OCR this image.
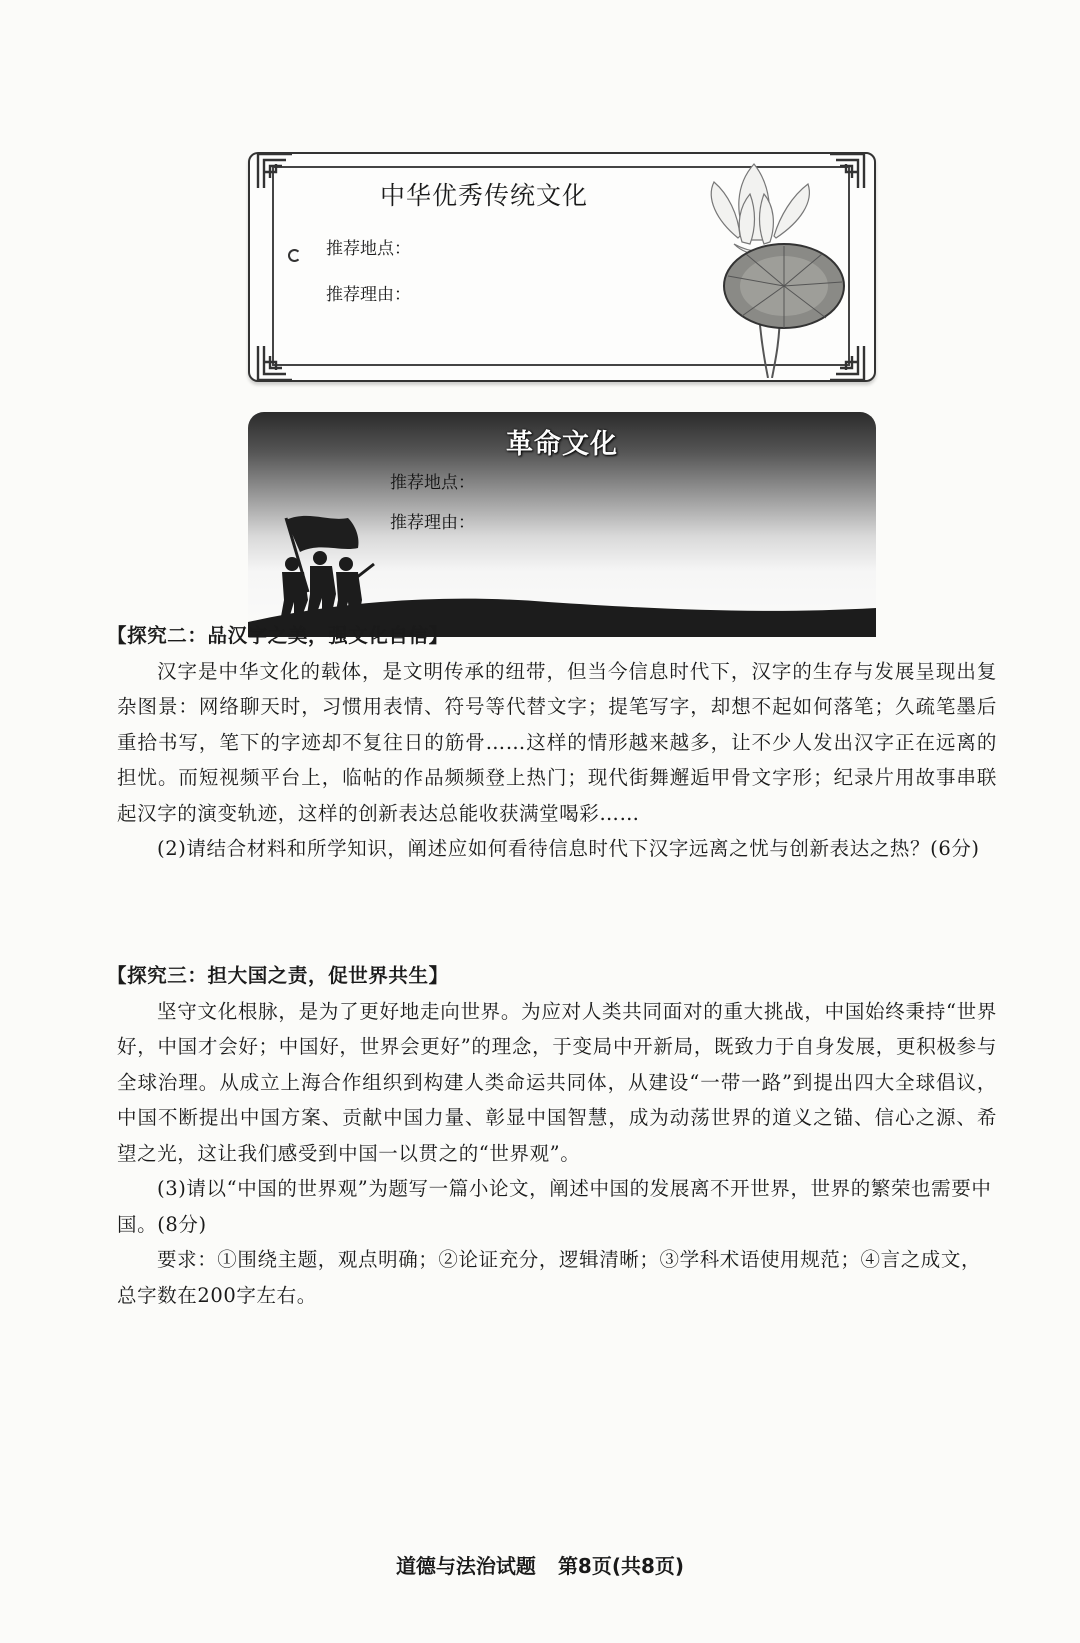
中华优秀传统文化
推荐地点：
推荐理由：
革命文化
推荐地点：
推荐理由：
【探究二：品汉字之美，强文化自信】

汉字是中华文化的载体，是文明传承的纽带，但当今信息时代下，汉字的生存与发展呈现出复杂图景：网络聊天时，习惯用表情、符号等代替文字；提笔写字，却想不起如何落笔；久疏笔墨后重拾书写，笔下的字迹却不复往日的筋骨……这样的情形越来越多，让不少人发出汉字正在远离的担忧。而短视频平台上，临帖的作品频频登上热门；现代街舞邂逅甲骨文字形；纪录片用故事串联起汉字的演变轨迹，这样的创新表达总能收获满堂喝彩……

(2)请结合材料和所学知识，阐述应如何看待信息时代下汉字远离之忧与创新表达之热？(6分)

【探究三：担大国之责，促世界共生】

坚守文化根脉，是为了更好地走向世界。为应对人类共同面对的重大挑战，中国始终秉持“世界好，中国才会好；中国好，世界会更好”的理念，于变局中开新局，既致力于自身发展，更积极参与全球治理。从成立上海合作组织到构建人类命运共同体，从建设“一带一路”到提出四大全球倡议，中国不断提出中国方案、贡献中国力量、彰显中国智慧，成为动荡世界的道义之锚、信心之源、希望之光，这让我们感受到中国一以贯之的“世界观”。

(3)请以“中国的世界观”为题写一篇小论文，阐述中国的发展离不开世界，世界的繁荣也需要中国。(8分)

要求：①围绕主题，观点明确；②论证充分，逻辑清晰；③学科术语使用规范；④言之成文，总字数在200字左右。

道德与法治试题 第8页(共8页)
